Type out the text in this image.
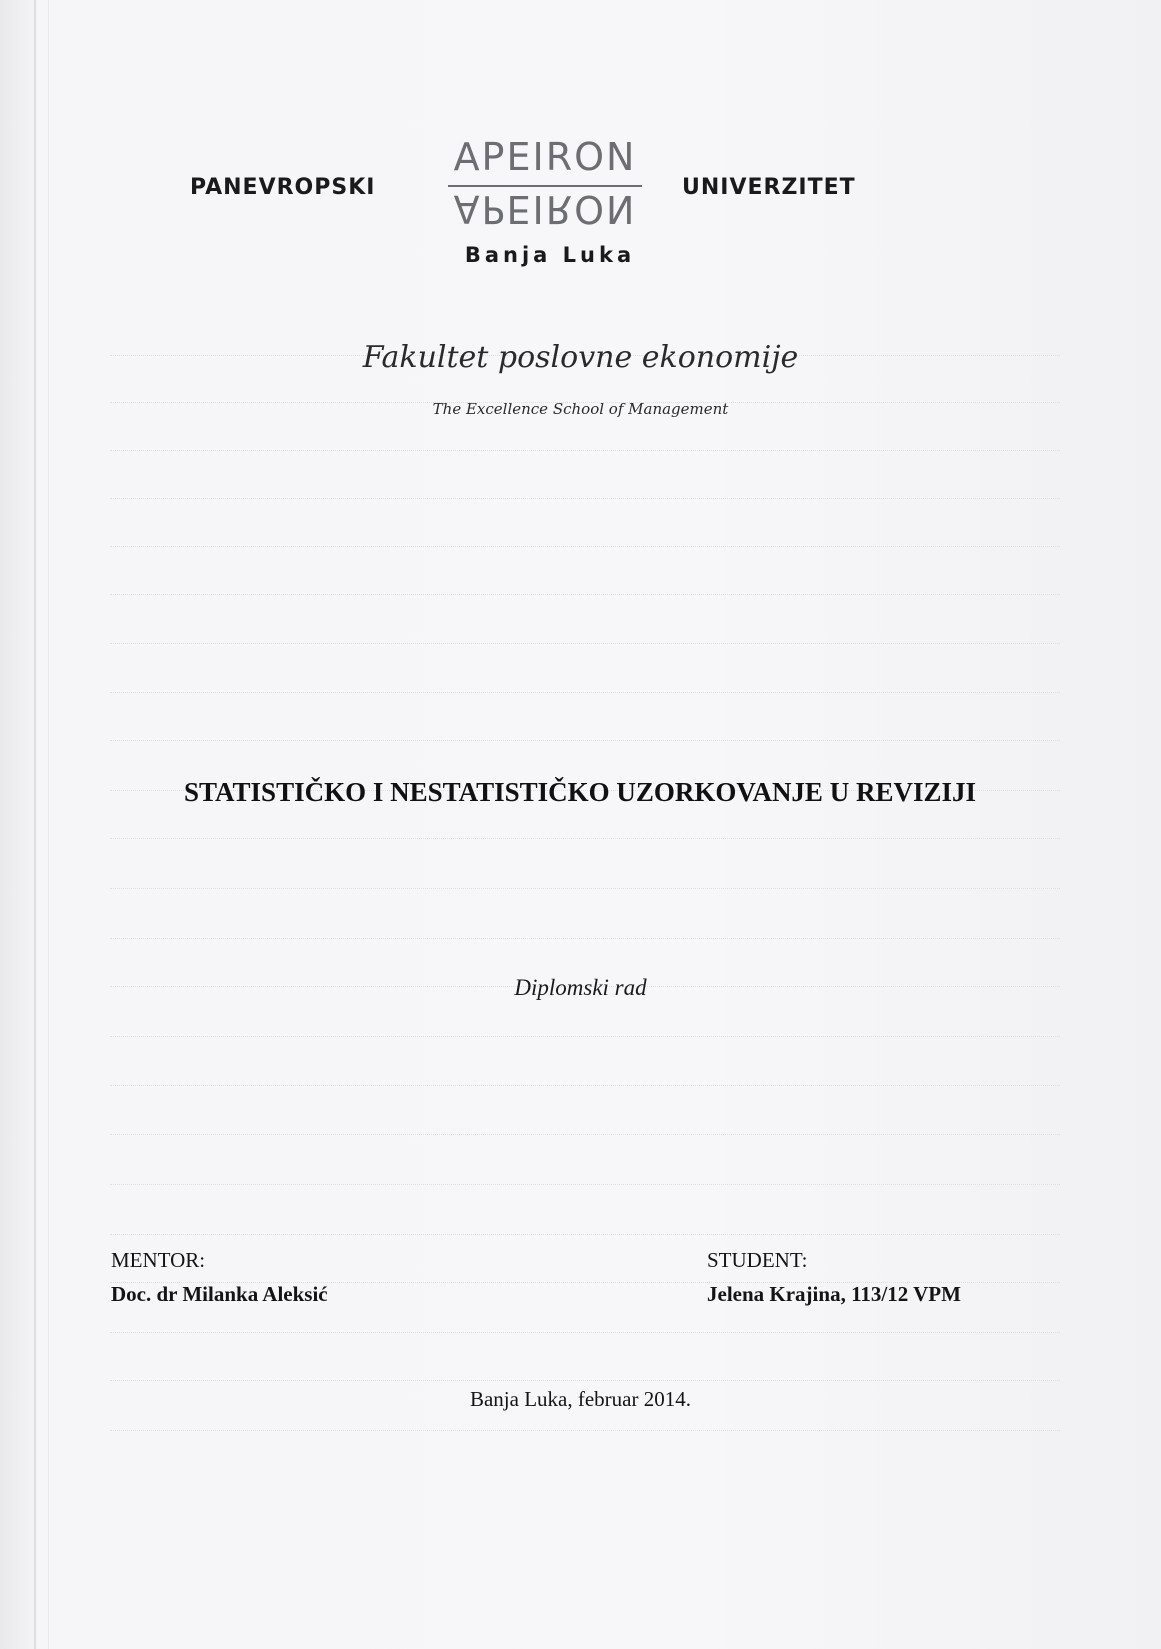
PANEVROPSKI
APEIRON
APEIRON	UNIVERZITET
Banja Luka
Fakultet poslovne ekonomije
The Excellence School of Management
STATISTIČKO I NESTATISTIČKO UZORKOVANJE U REVIZIJI
Diplomski rad
MENTOR:
Doc. dr Milanka Aleksić
STUDENT:
Jelena Krajina, 113/12 VPM
Banja Luka, februar 2014.
